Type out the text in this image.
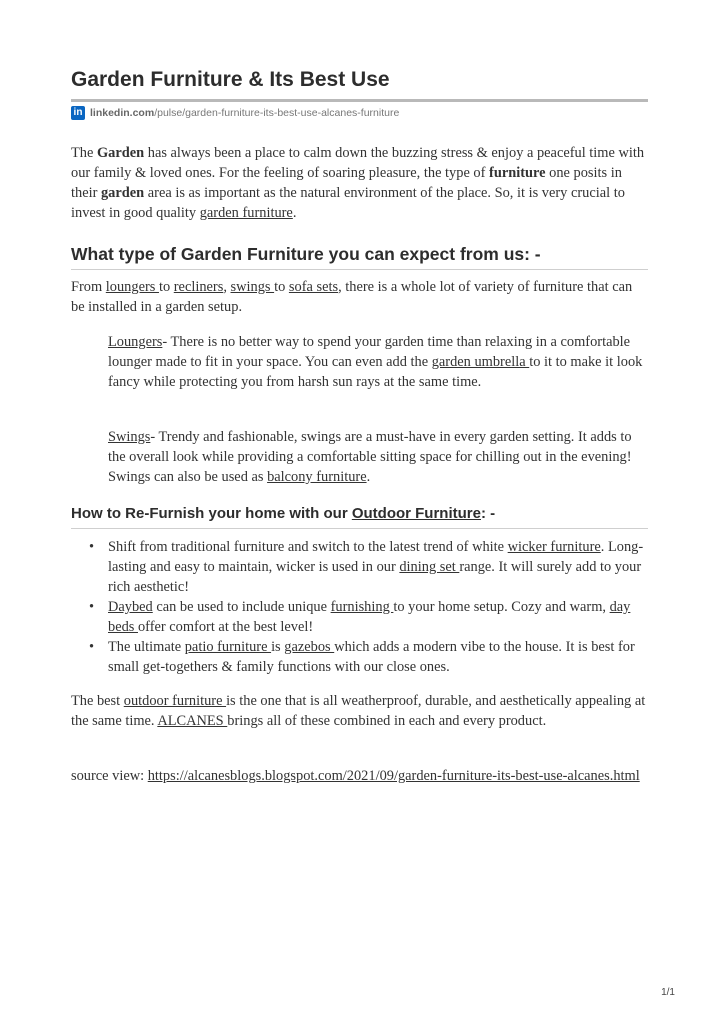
Garden Furniture & Its Best Use
in linkedin.com /pulse/garden-furniture-its-best-use-alcanes-furniture

The Garden has always been a place to calm down the buzzing stress & enjoy a peaceful time with our family & loved ones. For the feeling of soaring pleasure, the type of furniture one posits in their garden area is as important as the natural environment of the place. So, it is very crucial to invest in good quality garden furniture.

What type of Garden Furniture you can expect from us: -

From loungers to recliners, swings to sofa sets, there is a whole lot of variety of furniture that can be installed in a garden setup.

Loungers- There is no better way to spend your garden time than relaxing in a comfortable lounger made to fit in your space. You can even add the garden umbrella to it to make it look fancy while protecting you from harsh sun rays at the same time.

Swings- Trendy and fashionable, swings are a must-have in every garden setting. It adds to the overall look while providing a comfortable sitting space for chilling out in the evening! Swings can also be used as balcony furniture.

How to Re-Furnish your home with our Outdoor Furniture: -
• Shift from traditional furniture and switch to the latest trend of white wicker furniture. Long-lasting and easy to maintain, wicker is used in our dining set range. It will surely add to your rich aesthetic!
• Daybed can be used to include unique furnishing to your home setup. Cozy and warm, day beds offer comfort at the best level!
• The ultimate patio furniture is gazebos which adds a modern vibe to the house. It is best for small get-togethers & family functions with our close ones.

The best outdoor furniture is the one that is all weatherproof, durable, and aesthetically appealing at the same time. ALCANES brings all of these combined in each and every product.

source view: https://alcanesblogs.blogspot.com/2021/09/garden-furniture-its-best-use-alcanes.html

1/1
